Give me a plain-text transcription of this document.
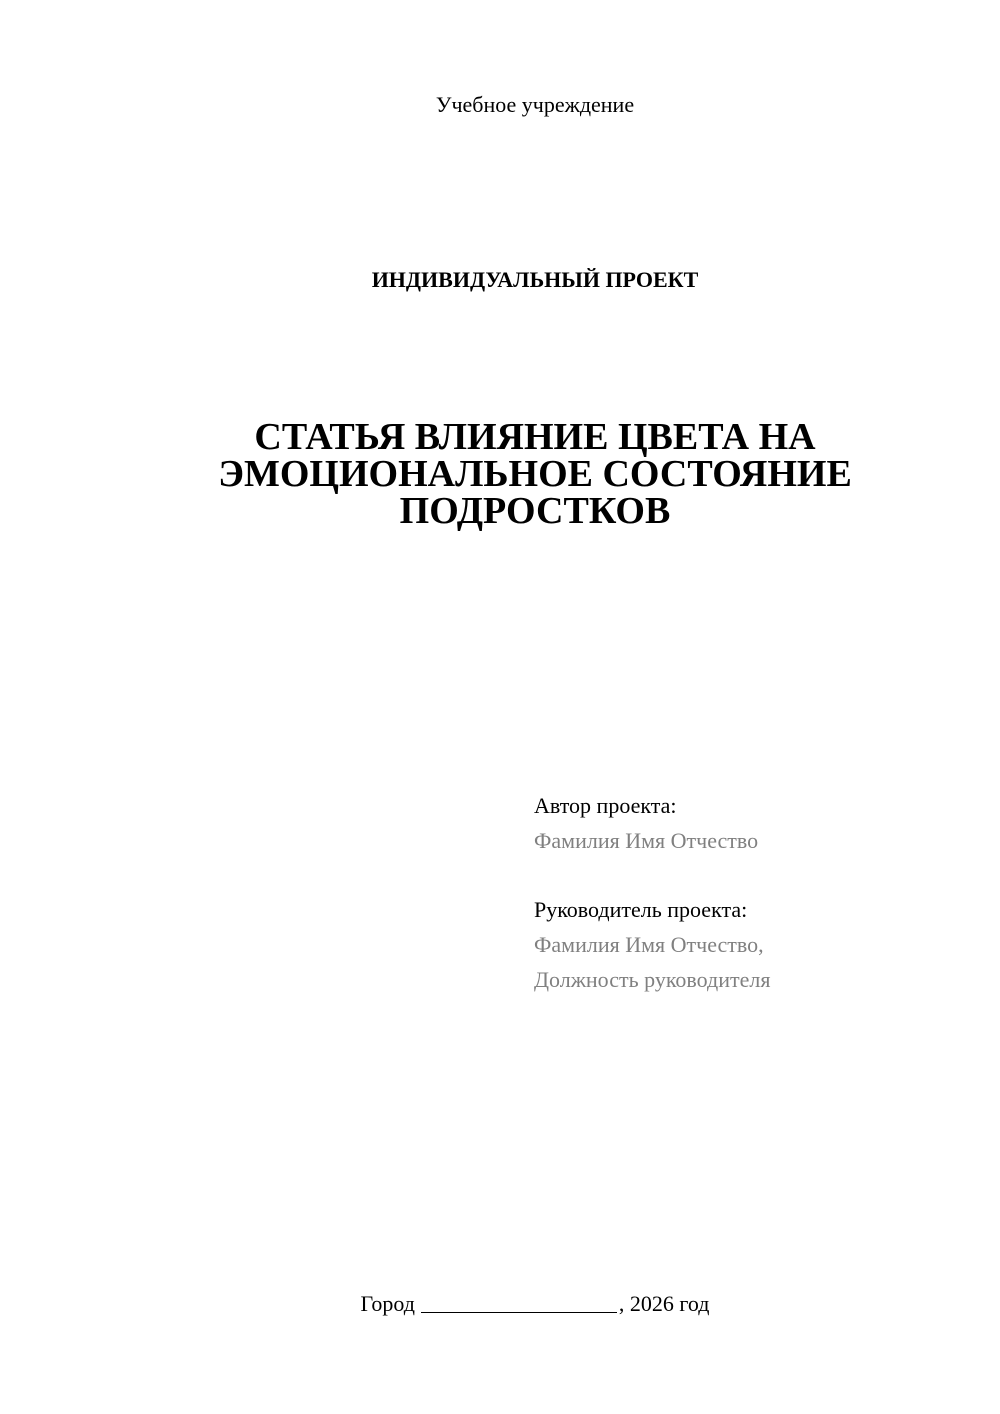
Учебное учреждение
ИНДИВИДУАЛЬНЫЙ ПРОЕКТ
СТАТЬЯ ВЛИЯНИЕ ЦВЕТА НА
ЭМОЦИОНАЛЬНОЕ СОСТОЯНИЕ
ПОДРОСТКОВ
Автор проекта:
Фамилия Имя Отчество
Руководитель проекта:
Фамилия Имя Отчество,
Должность руководителя
Город	, 2026 год
